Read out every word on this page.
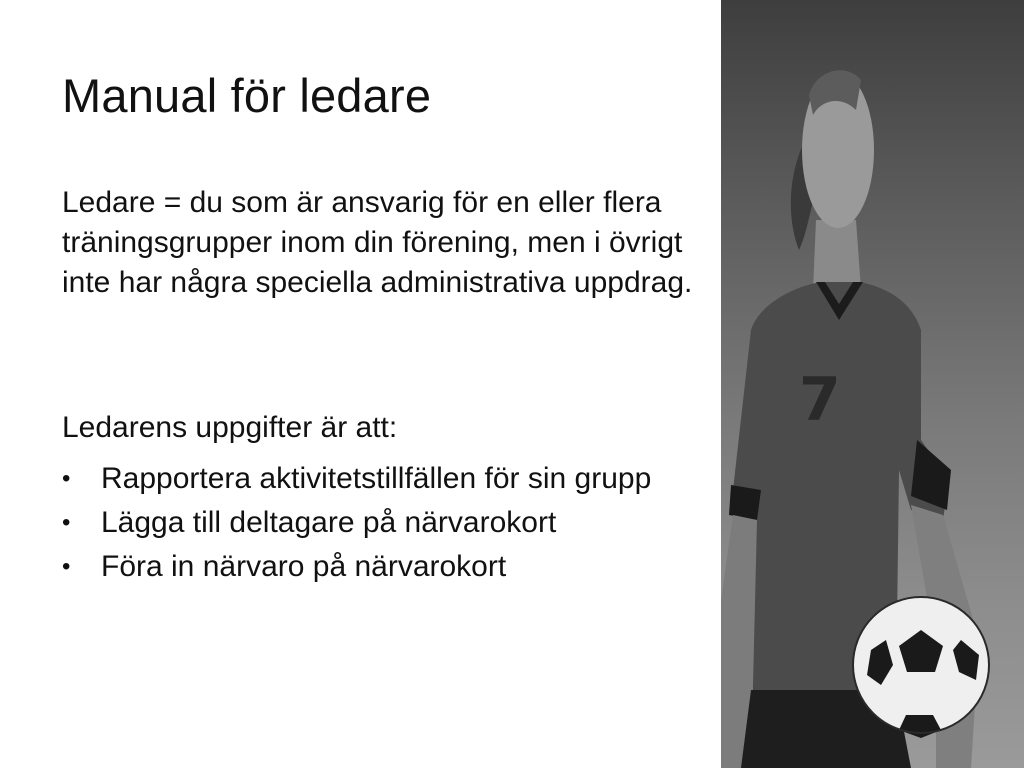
Manual för ledare

Ledare = du som är ansvarig för en eller flera träningsgrupper inom din förening, men i övrigt inte har några speciella administrativa uppdrag.

Ledarens uppgifter är att:

• Rapportera aktivitetstillfällen för sin grupp
• Lägga till deltagare på närvarokort
• Föra in närvaro på närvarokort
7
